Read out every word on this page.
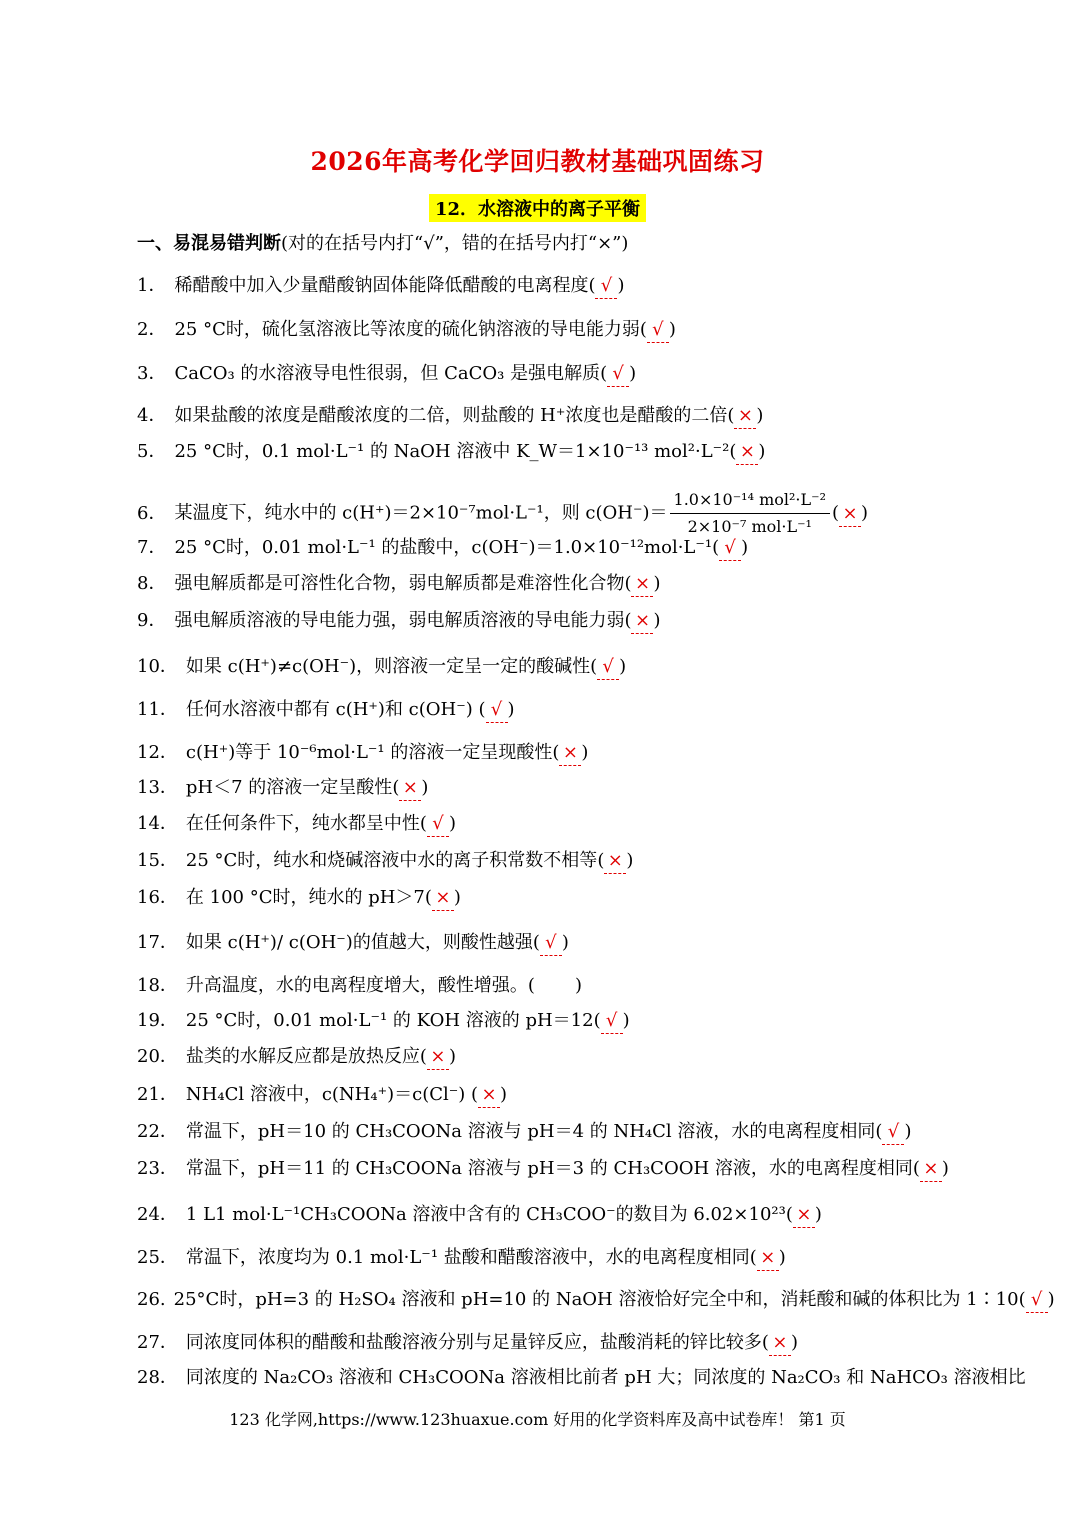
2026年高考化学回归教材基础巩固练习
12．水溶液中的离子平衡
一、易混易错判断(对的在括号内打“√”，错的在括号内打“×”)
1． 稀醋酸中加入少量醋酸钠固体能降低醋酸的电离程度( √ )
2． 25 °C时，硫化氢溶液比等浓度的硫化钠溶液的导电能力弱( √ )
3． CaCO₃ 的水溶液导电性很弱，但 CaCO₃ 是强电解质( √ )
4． 如果盐酸的浓度是醋酸浓度的二倍，则盐酸的 H⁺浓度也是醋酸的二倍( × )
5． 25 °C时，0.1 mol·L⁻¹ 的 NaOH 溶液中 K_W＝1×10⁻¹³ mol²·L⁻²( × )
6． 某温度下，纯水中的 c(H⁺)＝2×10⁻⁷mol·L⁻¹，则 $c(OH^-)= \frac{\text{1.0×10⁻¹⁴ mol²·L⁻²}}{\text{2×10⁻⁷ mol·L⁻¹}}$ ( × )
7． 25 °C时，0.01 mol·L⁻¹ 的盐酸中，c(OH⁻)＝1.0×10⁻¹²mol·L⁻¹( √ )
8． 强电解质都是可溶性化合物，弱电解质都是难溶性化合物( × )
9． 强电解质溶液的导电能力强，弱电解质溶液的导电能力弱( × )
10． 如果 c(H⁺)≠c(OH⁻)，则溶液一定呈一定的酸碱性( √ )
11． 任何水溶液中都有 c(H⁺)和 c(OH⁻) ( √ )
12． c(H⁺)等于 10⁻⁶mol·L⁻¹ 的溶液一定呈现酸性( × )
13． pH＜7 的溶液一定呈酸性( × )
14． 在任何条件下，纯水都呈中性( √ )
15． 25 °C时，纯水和烧碱溶液中水的离子积常数不相等( × )
16． 在 100 °C时，纯水的 pH＞7( × )
17． 如果 c(H⁺)/ c(OH⁻)的值越大，则酸性越强( √ )
18． 升高温度，水的电离程度增大，酸性增强。(　 )
19． 25 °C时，0.01 mol·L⁻¹ 的 KOH 溶液的 pH＝12( √ )
20． 盐类的水解反应都是放热反应( × )
21． NH₄Cl 溶液中，c(NH₄⁺)＝c(Cl⁻) ( × )
22． 常温下，pH＝10 的 CH₃COONa 溶液与 pH＝4 的 NH₄Cl 溶液，水的电离程度相同( √ )
23． 常温下，pH＝11 的 CH₃COONa 溶液与 pH＝3 的 CH₃COOH 溶液，水的电离程度相同( × )
24． 1 L1 mol·L⁻¹CH₃COONa 溶液中含有的 CH₃COO⁻的数目为 6.02×10²³( × )
25． 常温下，浓度均为 0.1 mol·L⁻¹ 盐酸和醋酸溶液中，水的电离程度相同( × )
26. 25°C时，pH=3 的 H₂SO₄ 溶液和 pH=10 的 NaOH 溶液恰好完全中和，消耗酸和碱的体积比为 1∶10( √ )
27． 同浓度同体积的醋酸和盐酸溶液分别与足量锌反应，盐酸消耗的锌比较多( × )
28． 同浓度的 Na₂CO₃ 溶液和 CH₃COONa 溶液相比前者 pH 大；同浓度的 Na₂CO₃ 和 NaHCO₃ 溶液相比
123 化学网,https://www.123huaxue.com 好用的化学资料库及高中试卷库！ 第1 页
